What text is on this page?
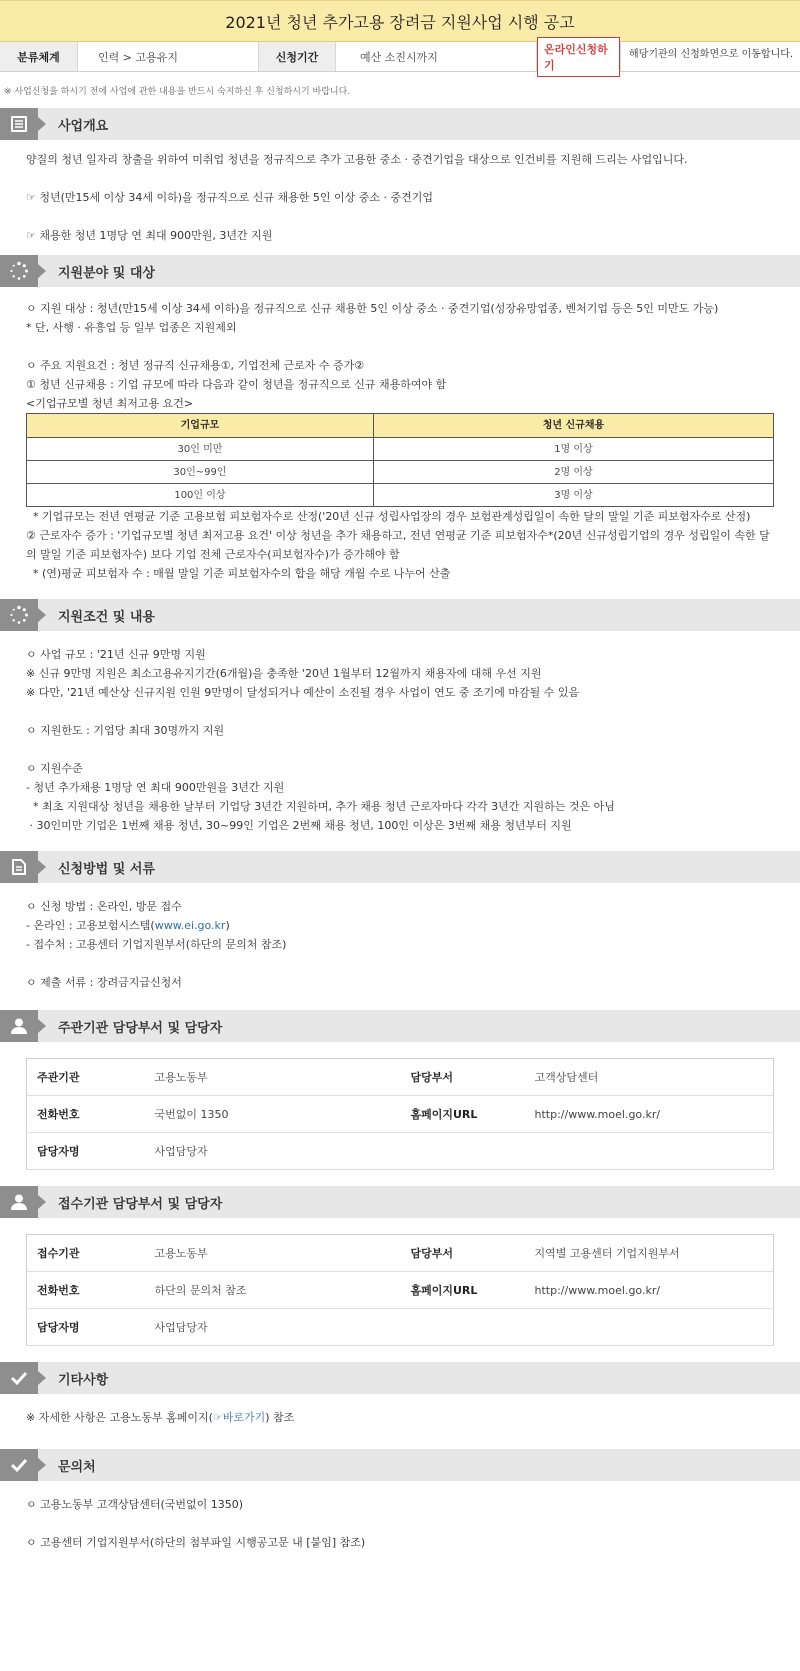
2021년 청년 추가고용 장려금 지원사업 시행 공고
분류체계	인력 > 고용유지	신청기간	예산 소진시까지
온라인신청하기
해당기관의 신청화면으로 이동합니다.
※ 사업신청을 하시기 전에 사업에 관한 내용을 반드시 숙지하신 후 신청하시기 바랍니다.
사업개요
양질의 청년 일자리 창출을 위하여 미취업 청년을 정규직으로 추가 고용한 중소 · 중견기업을 대상으로 인건비를 지원해 드리는 사업입니다.
☞ 청년(만15세 이상 34세 이하)을 정규직으로 신규 채용한 5인 이상 중소 · 중견기업
☞ 채용한 청년 1명당 연 최대 900만원, 3년간 지원
지원분야 및 대상
ㅇ 지원 대상 : 청년(만15세 이상 34세 이하)을 정규직으로 신규 채용한 5인 이상 중소 · 중견기업(성장유망업종, 벤처기업 등은 5인 미만도 가능)
* 단, 사행 · 유흥업 등 일부 업종은 지원제외
ㅇ 주요 지원요건 : 청년 정규직 신규채용①, 기업전체 근로자 수 증가②
① 청년 신규채용 : 기업 규모에 따라 다음과 같이 청년을 정규직으로 신규 채용하여야 함
<기업규모별 청년 최저고용 요건>
기업규모	청년 신규채용
30인 미만	1명 이상
30인~99인	2명 이상
100인 이상	3명 이상
* 기업규모는 전년 연평균 기준 고용보험 피보험자수로 산정('20년 신규 성립사업장의 경우 보험관계성립일이 속한 달의 말일 기준 피보험자수로 산정)
② 근로자수 증가 : '기업규모별 청년 최저고용 요건' 이상 청년을 추가 채용하고, 전년 연평균 기준 피보험자수*(20년 신규성립기업의 경우 성립일이 속한 달의 말일 기준 피보험자수) 보다 기업 전체 근로자수(피보험자수)가 증가해야 함
* (연)평균 피보험자 수 : 매월 말일 기준 피보험자수의 합을 해당 개월 수로 나누어 산출
지원조건 및 내용
ㅇ 사업 규모 : '21년 신규 9만명 지원
※ 신규 9만명 지원은 최소고용유지기간(6개월)을 충족한 '20년 1월부터 12월까지 채용자에 대해 우선 지원
※ 다만, '21년 예산상 신규지원 인원 9만명이 달성되거나 예산이 소진될 경우 사업이 연도 중 조기에 마감될 수 있음
ㅇ 지원한도 : 기업당 최대 30명까지 지원
ㅇ 지원수준
- 청년 추가채용 1명당 연 최대 900만원을 3년간 지원
* 최초 지원대상 청년을 채용한 날부터 기업당 3년간 지원하며, 추가 채용 청년 근로자마다 각각 3년간 지원하는 것은 아님
· 30인미만 기업은 1번째 채용 청년, 30~99인 기업은 2번째 채용 청년, 100인 이상은 3번째 채용 청년부터 지원
신청방법 및 서류
ㅇ 신청 방법 : 온라인, 방문 접수
- 온라인 : 고용보험시스템(www.ei.go.kr)
- 접수처 : 고용센터 기업지원부서(하단의 문의처 참조)
ㅇ 제출 서류 : 장려금지급신청서
주관기관 담당부서 및 담당자
주관기관	고용노동부	담당부서	고객상담센터
전화번호	국번없이 1350	홈페이지URL	http://www.moel.go.kr/
담당자명	사업담당자		
접수기관 담당부서 및 담당자
접수기관	고용노동부	담당부서	지역별 고용센터 기업지원부서
전화번호	하단의 문의처 참조	홈페이지URL	http://www.moel.go.kr/
담당자명	사업담당자		
기타사항
※ 자세한 사항은 고용노동부 홈페이지(☞바로가기) 참조
문의처
ㅇ 고용노동부 고객상담센터(국번없이 1350)
ㅇ 고용센터 기업지원부서(하단의 첨부파일 시행공고문 내 [붙임] 참조)
